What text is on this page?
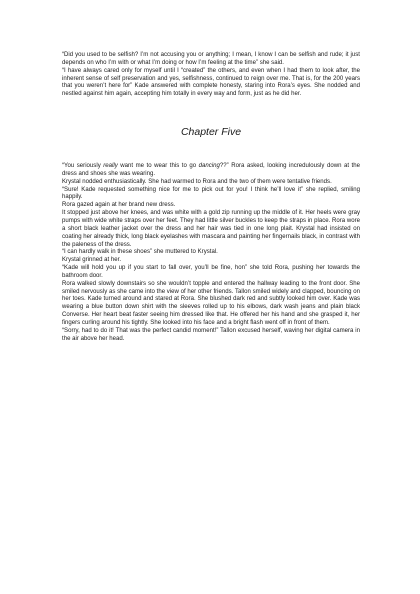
“Did you used to be selfish? I’m not accusing you or anything; I mean, I know I can be selfish and rude; it just depends on who I’m with or what I’m doing or how I’m feeling at the time” she said.

“I have always cared only for myself until I “created” the others, and even when I had them to look after, the inherent sense of self preservation and yes, selfishness, continued to reign over me. That is, for the 200 years that you weren’t here for” Kade answered with complete honesty, staring into Rora’s eyes. She nodded and nestled against him again, accepting him totally in every way and form, just as he did her.

Chapter Five

“You seriously really want me to wear this to go dancing??” Rora asked, looking incredulously down at the dress and shoes she was wearing.

Krystal nodded enthusiastically. She had warmed to Rora and the two of them were tentative friends.

“Sure! Kade requested something nice for me to pick out for you! I think he’ll love it” she replied, smiling happily.

Rora gazed again at her brand new dress.

It stopped just above her knees, and was white with a gold zip running up the middle of it. Her heels were gray pumps with wide white straps over her feet. They had little silver buckles to keep the straps in place. Rora wore a short black leather jacket over the dress and her hair was tied in one long plait. Krystal had insisted on coating her already thick, long black eyelashes with mascara and painting her fingernails black, in contrast with the paleness of the dress.

“I can hardly walk in these shoes” she muttered to Krystal.

Krystal grinned at her.

“Kade will hold you up if you start to fall over, you’ll be fine, hon” she told Rora, pushing her towards the bathroom door.

Rora walked slowly downstairs so she wouldn’t topple and entered the hallway leading to the front door. She smiled nervously as she came into the view of her other friends. Tallon smiled widely and clapped, bouncing on her toes. Kade turned around and stared at Rora. She blushed dark red and subtly looked him over. Kade was wearing a blue button down shirt with the sleeves rolled up to his elbows, dark wash jeans and plain black Converse. Her heart beat faster seeing him dressed like that. He offered her his hand and she grasped it, her fingers curling around his tightly. She looked into his face and a bright flash went off in front of them.

“Sorry, had to do it! That was the perfect candid moment!” Tallon excused herself, waving her digital camera in the air above her head.
